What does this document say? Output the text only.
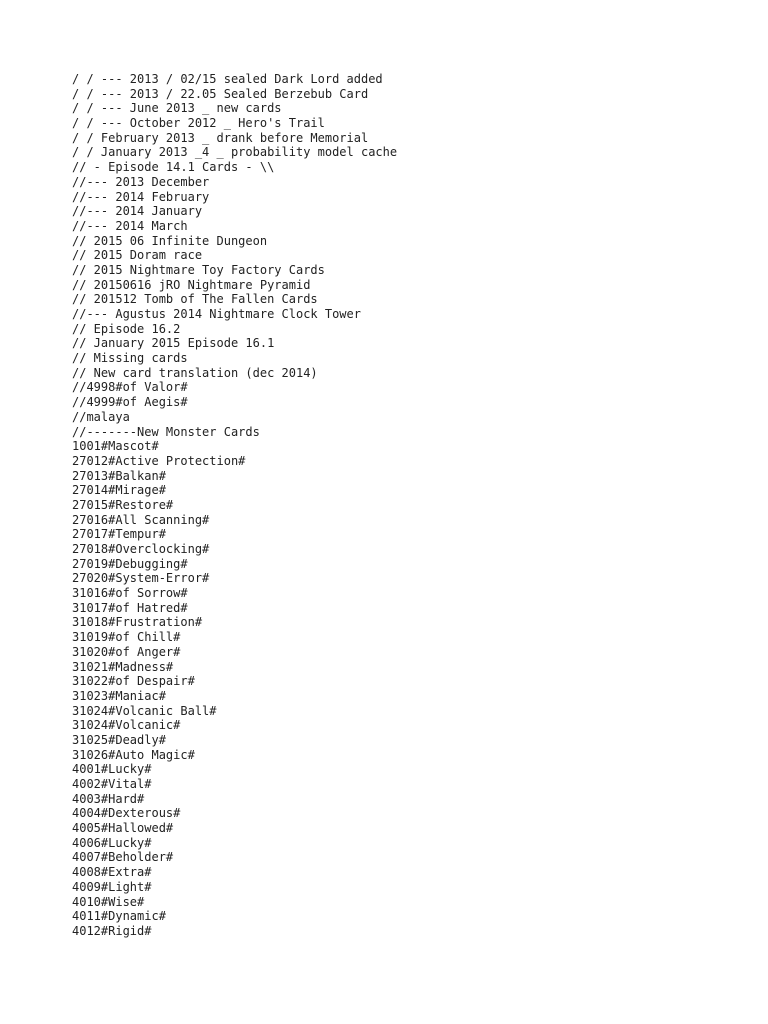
/ / --- 2013 / 02/15 sealed Dark Lord added
/ / --- 2013 / 22.05 Sealed Berzebub Card
/ / --- June 2013 _ new cards
/ / --- October 2012 _ Hero's Trail
/ / February 2013 _ drank before Memorial
/ / January 2013 _4 _ probability model cache
// - Episode 14.1 Cards - \\
//--- 2013 December
//--- 2014 February
//--- 2014 January
//--- 2014 March
// 2015 06 Infinite Dungeon
// 2015 Doram race
// 2015 Nightmare Toy Factory Cards
// 20150616 jRO Nightmare Pyramid
// 201512 Tomb of The Fallen Cards
//--- Agustus 2014 Nightmare Clock Tower
// Episode 16.2
// January 2015 Episode 16.1
// Missing cards
// New card translation (dec 2014)
//4998#of Valor#
//4999#of Aegis#
//malaya
//-------New Monster Cards
1001#Mascot#
27012#Active Protection#
27013#Balkan#
27014#Mirage#
27015#Restore#
27016#All Scanning#
27017#Tempur#
27018#Overclocking#
27019#Debugging#
27020#System-Error#
31016#of Sorrow#
31017#of Hatred#
31018#Frustration#
31019#of Chill#
31020#of Anger#
31021#Madness#
31022#of Despair#
31023#Maniac#
31024#Volcanic Ball#
31024#Volcanic#
31025#Deadly#
31026#Auto Magic#
4001#Lucky#
4002#Vital#
4003#Hard#
4004#Dexterous#
4005#Hallowed#
4006#Lucky#
4007#Beholder#
4008#Extra#
4009#Light#
4010#Wise#
4011#Dynamic#
4012#Rigid#
